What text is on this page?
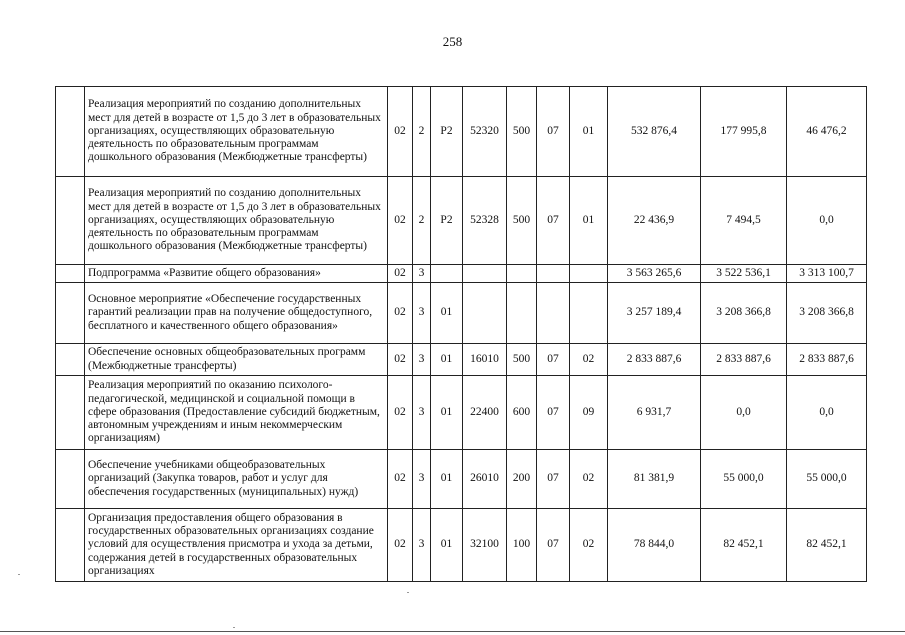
258
	Реализация мероприятий по созданию дополнительных мест для детей в возрасте от 1,5 до 3 лет в образовательных организациях, осуществляющих образовательную деятельность по образовательным программам дошкольного образования (Межбюджетные трансферты)	02	2	P2	52320	500	07	01	532 876,4	177 995,8	46 476,2
	Реализация мероприятий по созданию дополнительных мест для детей в возрасте от 1,5 до 3 лет в образовательных организациях, осуществляющих образовательную деятельность по образовательным программам дошкольного образования (Межбюджетные трансферты)	02	2	P2	52328	500	07	01	22 436,9	7 494,5	0,0
	Подпрограмма «Развитие общего образования»	02	3						3 563 265,6	3 522 536,1	3 313 100,7
	Основное мероприятие «Обеспечение государственных гарантий реализации прав на получение общедоступного, бесплатного и качественного общего образования»	02	3	01					3 257 189,4	3 208 366,8	3 208 366,8
	Обеспечение основных общеобразовательных программ (Межбюджетные трансферты)	02	3	01	16010	500	07	02	2 833 887,6	2 833 887,6	2 833 887,6
	Реализация мероприятий по оказанию психолого-педагогической, медицинской и социальной помощи в сфере образования (Предоставление субсидий бюджетным, автономным учреждениям и иным некоммерческим организациям)	02	3	01	22400	600	07	09	6 931,7	0,0	0,0
	Обеспечение учебниками общеобразовательных организаций (Закупка товаров, работ и услуг для обеспечения государственных (муниципальных) нужд)	02	3	01	26010	200	07	02	81 381,9	55 000,0	55 000,0
	Организация предоставления общего образования в государственных образовательных организациях создание условий для осуществления присмотра и ухода за детьми, содержания детей в государственных образовательных организациях	02	3	01	32100	100	07	02	78 844,0	82 452,1	82 452,1
